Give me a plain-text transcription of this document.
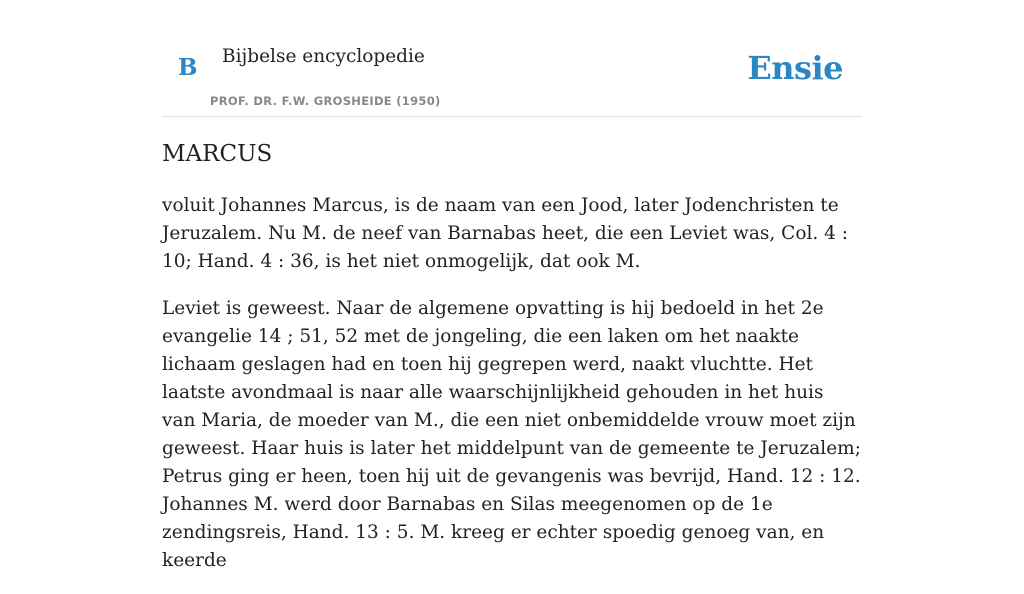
B Bijbelse encyclopedie
PROF. DR. F.W. GROSHEIDE (1950)
Ensie
MARCUS

voluit Johannes Marcus, is de naam van een Jood, later Jodenchristen te Jeruzalem. Nu M. de neef van Barnabas heet, die een Leviet was, Col. 4 : 10; Hand. 4 : 36, is het niet onmogelijk, dat ook M.

Leviet is geweest. Naar de algemene opvatting is hij bedoeld in het 2e evangelie 14 ; 51, 52 met de jongeling, die een laken om het naakte lichaam geslagen had en toen hij gegrepen werd, naakt vluchtte. Het laatste avondmaal is naar alle waarschijnlijkheid gehouden in het huis van Maria, de moeder van M., die een niet onbemiddelde vrouw moet zijn geweest. Haar huis is later het middelpunt van de gemeente te Jeruzalem; Petrus ging er heen, toen hij uit de gevangenis was bevrijd, Hand. 12 : 12. Johannes M. werd door Barnabas en Silas meegenomen op de 1e zendingsreis, Hand. 13 : 5. M. kreeg er echter spoedig genoeg van, en keerde
